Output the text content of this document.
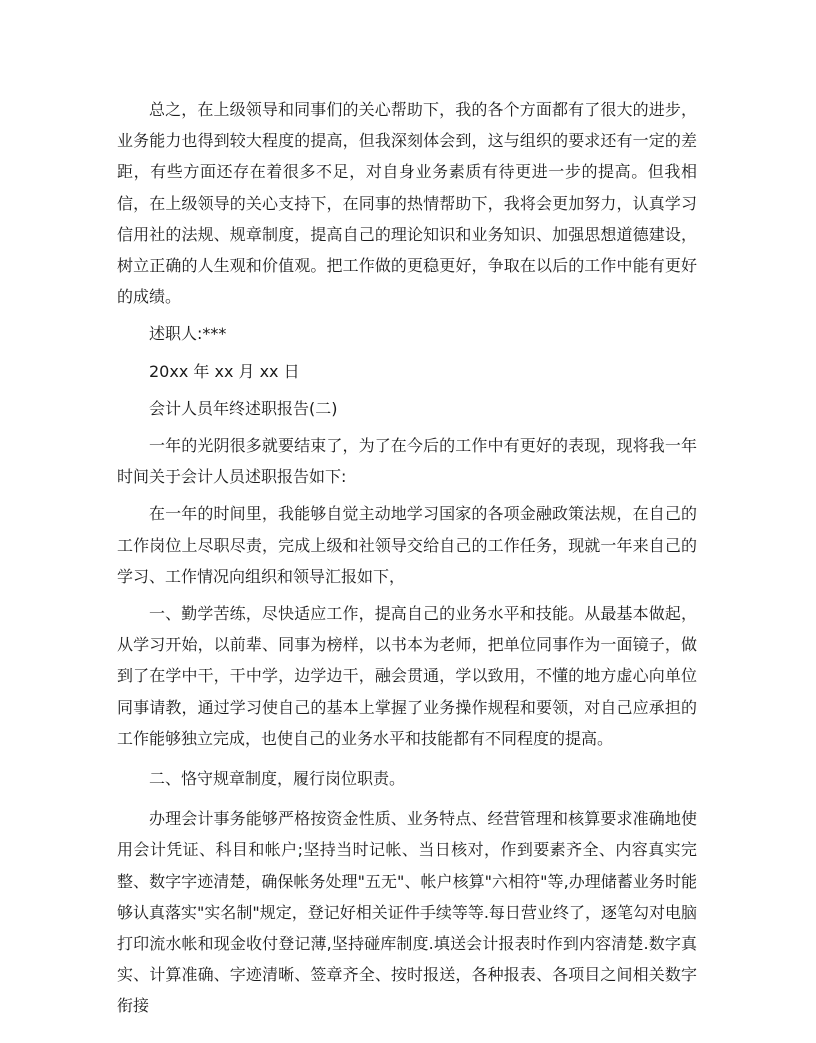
总之，在上级领导和同事们的关心帮助下，我的各个方面都有了很大的进步，业务能力也得到较大程度的提高，但我深刻体会到，这与组织的要求还有一定的差距，有些方面还存在着很多不足，对自身业务素质有待更进一步的提高。但我相信，在上级领导的关心支持下，在同事的热情帮助下，我将会更加努力，认真学习信用社的法规、规章制度，提高自己的理论知识和业务知识、加强思想道德建设，树立正确的人生观和价值观。把工作做的更稳更好，争取在以后的工作中能有更好的成绩。

述职人:***

20xx 年 xx 月 xx 日

会计人员年终述职报告(二)

一年的光阴很多就要结束了，为了在今后的工作中有更好的表现，现将我一年时间关于会计人员述职报告如下:

在一年的时间里，我能够自觉主动地学习国家的各项金融政策法规，在自己的工作岗位上尽职尽责，完成上级和社领导交给自己的工作任务，现就一年来自己的学习、工作情况向组织和领导汇报如下，

一、勤学苦练，尽快适应工作，提高自己的业务水平和技能。从最基本做起，从学习开始，以前辈、同事为榜样，以书本为老师，把单位同事作为一面镜子，做到了在学中干，干中学，边学边干，融会贯通，学以致用，不懂的地方虚心向单位同事请教，通过学习使自己的基本上掌握了业务操作规程和要领，对自己应承担的工作能够独立完成，也使自己的业务水平和技能都有不同程度的提高。

二、恪守规章制度，履行岗位职责。

办理会计事务能够严格按资金性质、业务特点、经营管理和核算要求准确地使用会计凭证、科目和帐户;坚持当时记帐、当日核对，作到要素齐全、内容真实完整、数字字迹清楚，确保帐务处理"五无"、帐户核算"六相符"等,办理储蓄业务时能够认真落实"实名制"规定，登记好相关证件手续等等.每日营业终了，逐笔勾对电脑打印流水帐和现金收付登记薄,坚持碰库制度.填送会计报表时作到内容清楚.数字真实、计算准确、字迹清晰、签章齐全、按时报送，各种报表、各项目之间相关数字衔接
